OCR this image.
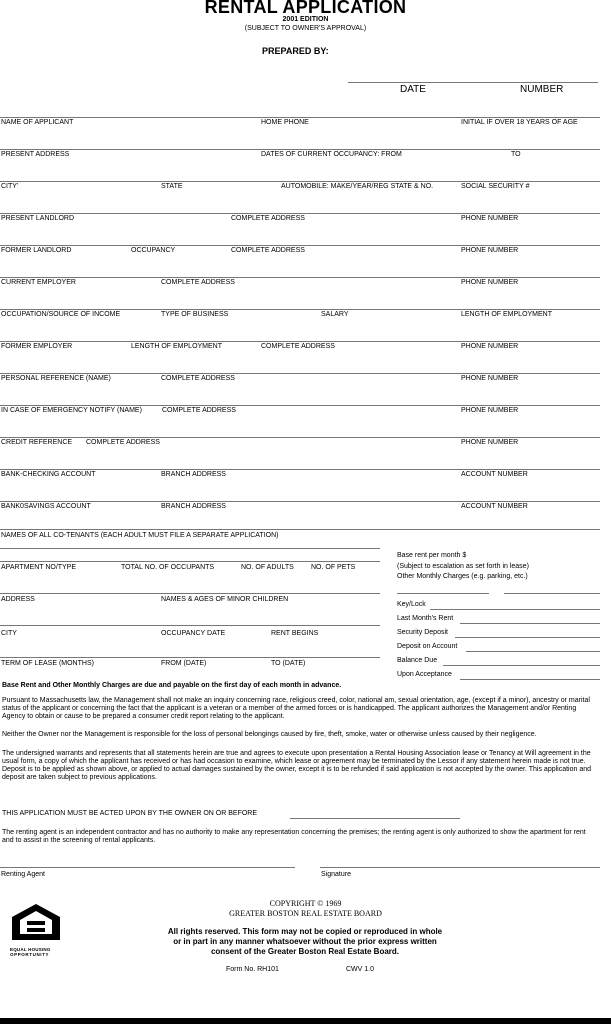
RENTAL APPLICATION
2001 EDITION
(SUBJECT TO OWNER'S APPROVAL)
PREPARED BY:
DATE	NUMBER
NAME OF APPLICANT	HOME PHONE	INITIAL IF OVER 18 YEARS OF AGE
PRESENT ADDRESS	DATES OF CURRENT OCCUPANCY: FROM	TO
CITY'	STATE	AUTOMOBILE: MAKE/YEAR/REG STATE & NO.	SOCIAL SECURITY #
PRESENT LANDLORD	COMPLETE ADDRESS	PHONE NUMBER
FORMER LANDLORD	OCCUPANCY	COMPLETE ADDRESS	PHONE NUMBER
CURRENT EMPLOYER	COMPLETE ADDRESS	PHONE NUMBER
OCCUPATION/SOURCE OF INCOME	TYPE OF BUSINESS	SALARY	LENGTH OF EMPLOYMENT
FORMER EMPLOYER	LENGTH OF EMPLOYMENT	COMPLETE ADDRESS	PHONE NUMBER
PERSONAL REFERENCE (NAME)	COMPLETE ADDRESS	PHONE NUMBER
IN CASE OF EMERGENCY NOTIFY (NAME)	COMPLETE ADDRESS	PHONE NUMBER
CREDIT REFERENCE COMPLETE ADDRESS	PHONE NUMBER
BANK-CHECKING ACCOUNT	BRANCH ADDRESS	ACCOUNT NUMBER
BANK0SAVINGS ACCOUNT	BRANCH ADDRESS	ACCOUNT NUMBER
NAMES OF ALL CO-TENANTS (EACH ADULT MUST FILE A SEPARATE APPLICATION)
APARTMENT NO/TYPE	TOTAL NO. OF OCCUPANTS	NO. OF ADULTS NO. OF PETS
ADDRESS	NAMES & AGES OF MINOR CHILDREN
CITY	OCCUPANCY DATE	RENT BEGINS
TERM OF LEASE (MONTHS)	FROM (DATE)	TO (DATE)
Base rent per month $
(Subject to escalation as set forth in lease)
Other Monthly Charges (e.g. parking, etc.)
Key/Lock
Last Month's Rent
Security Deposit
Deposit on Account
Balance Due
Upon Acceptance
Base Rent and Other Monthly Charges are due and payable on the first day of each month in advance.
Pursuant to Massachusetts law, the Management shall not make an inquiry concerning race, religious creed, color, national am, sexual orientation, age, (except if a minor), ancestry or marital status of the applicant or concerning the fact that the applicant is a veteran or a member of the armed forces or is handicapped. The applicant authorizes the Management and/or Renting Agency to obtain or cause to be prepared a consumer credit report relating to the applicant.
Neither the Owner nor the Management is responsible for the loss of personal belongings caused by fire, theft, smoke, water or otherwise unless caused by their negligence.
The undersigned warrants and represents that all statements herein are true and agrees to execute upon presentation a Rental Housing Association lease or Tenancy at Will agreement in the usual form, a copy of which the applicant has received or has had occasion to examine, which lease or agreement may be terminated by the Lessor if any statement herein made is not true. Deposit is to be applied as shown above, or applied to actual damages sustained by the owner, except it is to be refunded if said application is not accepted by the owner. This application and deposit are taken subject to previous applications.
THIS APPLICATION MUST BE ACTED UPON BY THE OWNER ON OR BEFORE
The renting agent is an independent contractor and has no authority to make any representation concerning the premises; the renting agent is only authorized to show the apartment for rent and to assist in the screening of rental applicants.
Renting Agent	Signature
EQUAL HOUSING
OPPORTUNITY
COPYRIGHT © 1969
GREATER BOSTON REAL ESTATE BOARD
All rights reserved. This form may not be copied or reproduced in whole or in part in any manner whatsoever without the prior express written consent of the Greater Boston Real Estate Board.
Form No. RH101	CWV 1.0
